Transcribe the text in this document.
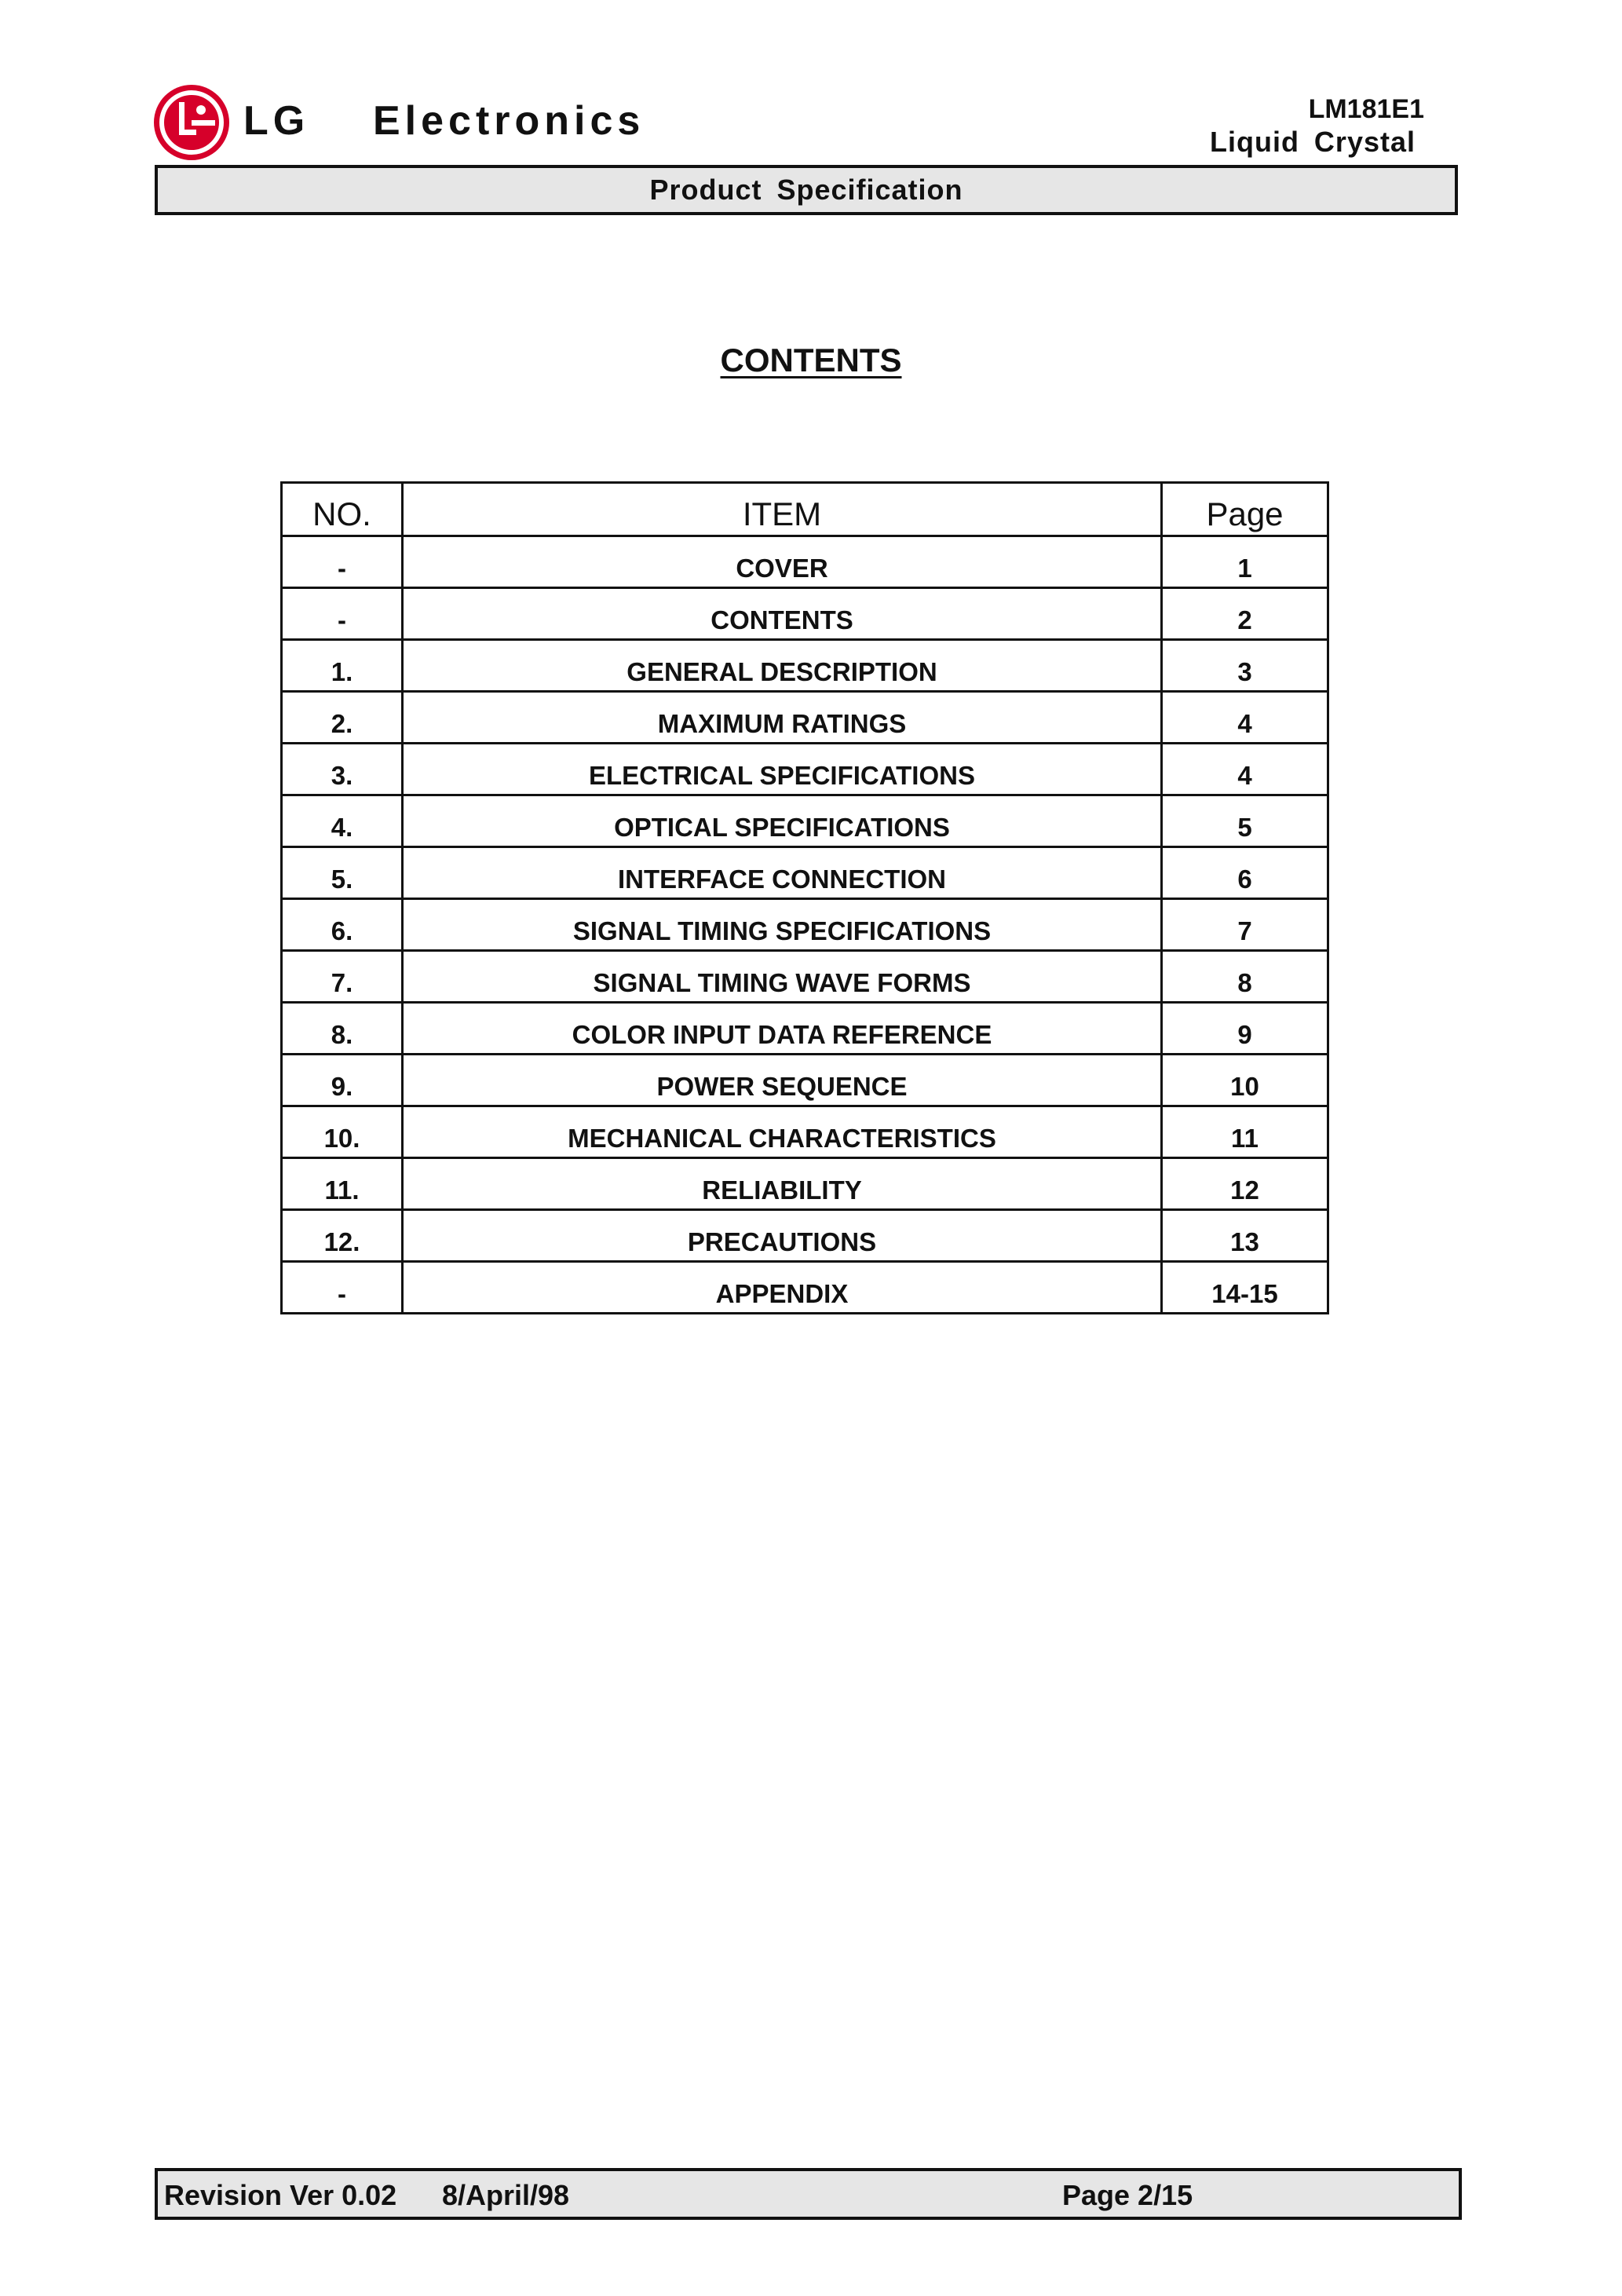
LG Electronics	LM181E1
Liquid Crystal
Product Specification
CONTENTS
NO.	ITEM	Page
-	COVER	1
-	CONTENTS	2
1.	GENERAL DESCRIPTION	3
2.	MAXIMUM RATINGS	4
3.	ELECTRICAL SPECIFICATIONS	4
4.	OPTICAL SPECIFICATIONS	5
5.	INTERFACE CONNECTION	6
6.	SIGNAL TIMING SPECIFICATIONS	7
7.	SIGNAL TIMING WAVE FORMS	8
8.	COLOR INPUT DATA REFERENCE	9
9.	POWER SEQUENCE	10
10.	MECHANICAL CHARACTERISTICS	11
11.	RELIABILITY	12
12.	PRECAUTIONS	13
-	APPENDIX	14-15
Revision Ver 0.02 8/April/98	Page 2/15
